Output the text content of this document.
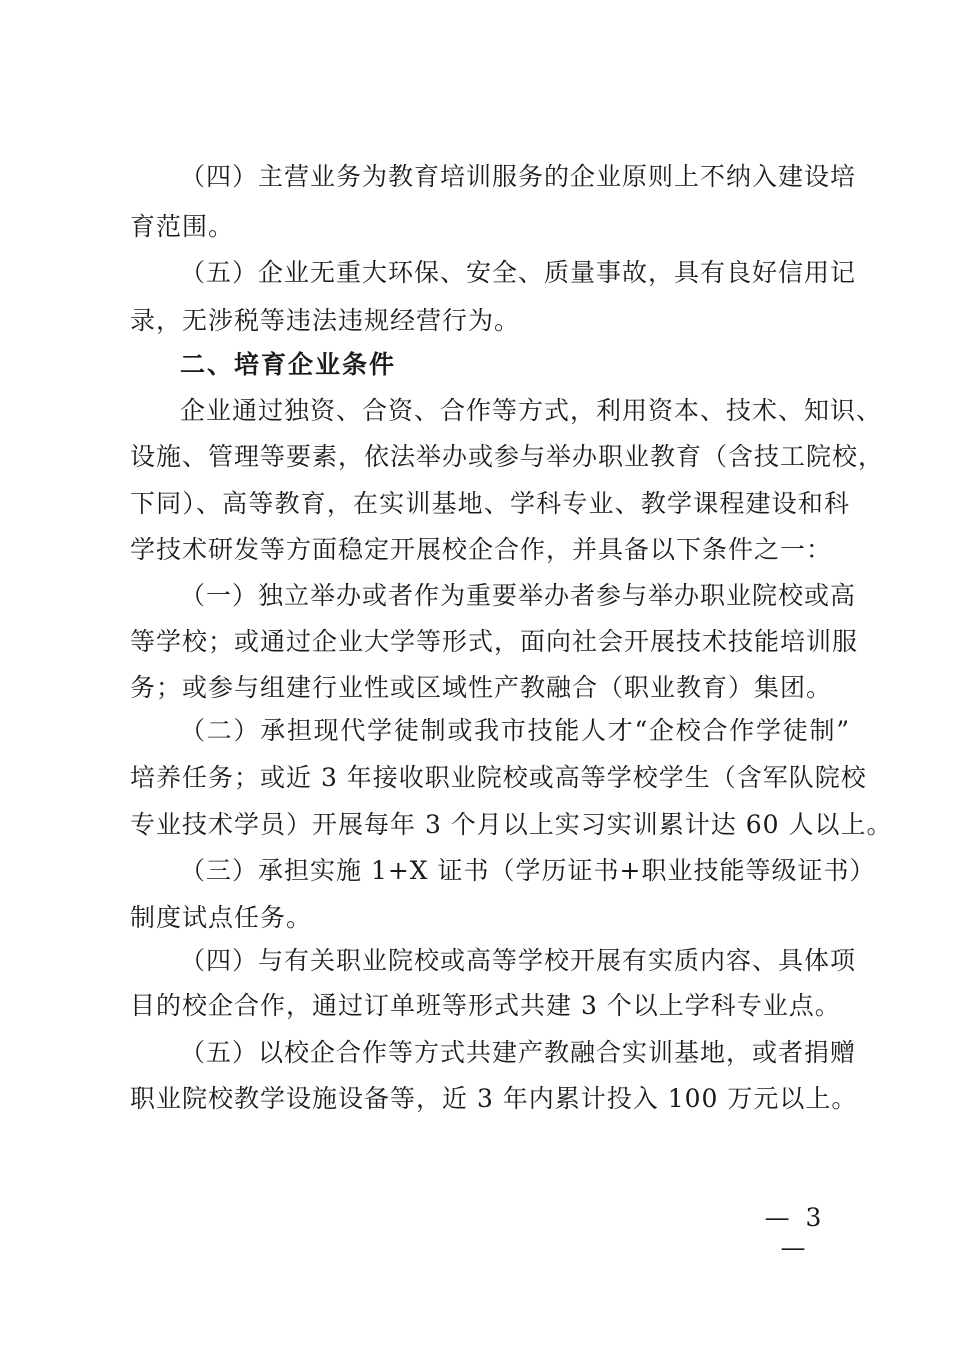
（四）主营业务为教育培训服务的企业原则上不纳入建设培
育范围。
（五）企业无重大环保、安全、质量事故，具有良好信用记
录，无涉税等违法违规经营行为。
二、培育企业条件
企业通过独资、合资、合作等方式，利用资本、技术、知识、
设施、管理等要素，依法举办或参与举办职业教育（含技工院校，
下同）、高等教育，在实训基地、学科专业、教学课程建设和科
学技术研发等方面稳定开展校企合作，并具备以下条件之一：
（一）独立举办或者作为重要举办者参与举办职业院校或高
等学校；或通过企业大学等形式，面向社会开展技术技能培训服
务；或参与组建行业性或区域性产教融合（职业教育）集团。
（二）承担现代学徒制或我市技能人才“企校合作学徒制”
培养任务；或近 3 年接收职业院校或高等学校学生（含军队院校
专业技术学员）开展每年 3 个月以上实习实训累计达 60 人以上。
（三）承担实施 1+X 证书（学历证书+职业技能等级证书）
制度试点任务。
（四）与有关职业院校或高等学校开展有实质内容、具体项
目的校企合作，通过订单班等形式共建 3 个以上学科专业点。
（五）以校企合作等方式共建产教融合实训基地，或者捐赠
职业院校教学设施设备等，近 3 年内累计投入 100 万元以上。
— 3 —
